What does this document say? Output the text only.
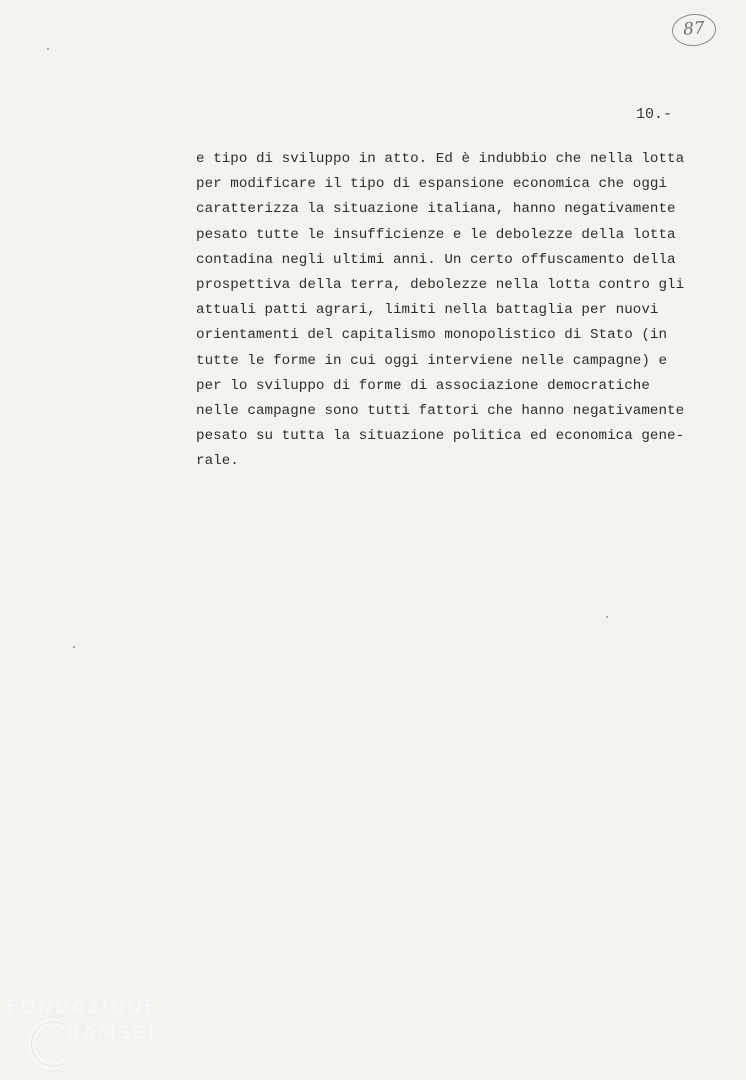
87
10.-
e tipo di sviluppo in atto. Ed è indubbio che nella lotta
per modificare il tipo di espansione economica che oggi
caratterizza la situazione italiana, hanno negativamente
pesato tutte le insufficienze e le debolezze della lotta
contadina negli ultimi anni. Un certo offuscamento della
prospettiva della terra, debolezze nella lotta contro gli
attuali patti agrari, limiti nella battaglia per nuovi
orientamenti del capitalismo monopolistico di Stato (in
tutte le forme in cui oggi interviene nelle campagne) e
per lo sviluppo di forme di associazione democratiche
nelle campagne sono tutti fattori che hanno negativamente
pesato su tutta la situazione politica ed economica gene-
rale.
FONDAZIONE
RAMSCI
